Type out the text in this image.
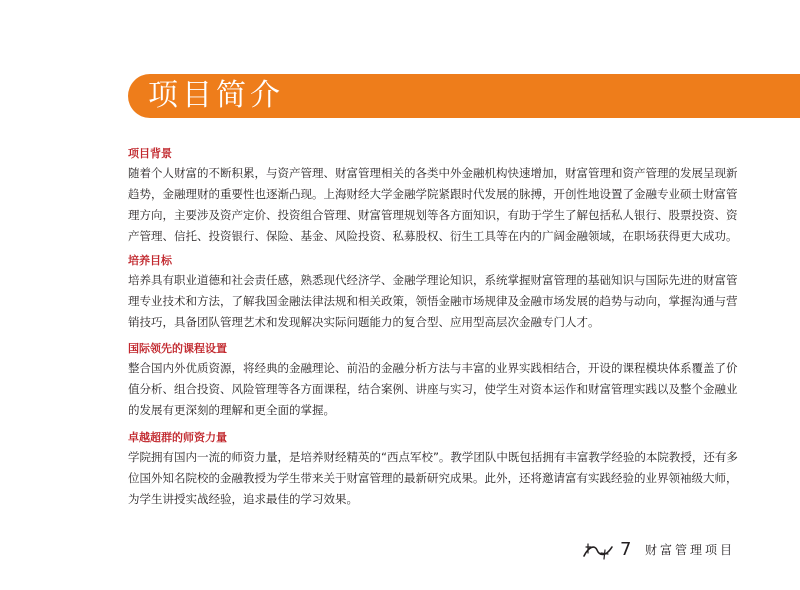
项目简介
项目背景

随着个人财富的不断积累，与资产管理、财富管理相关的各类中外金融机构快速增加，财富管理和资产管理的发展呈现新趋势，金融理财的重要性也逐渐凸现。上海财经大学金融学院紧跟时代发展的脉搏，开创性地设置了金融专业硕士财富管理方向，主要涉及资产定价、投资组合管理、财富管理规划等各方面知识，有助于学生了解包括私人银行、股票投资、资产管理、信托、投资银行、保险、基金、风险投资、私募股权、衍生工具等在内的广阔金融领域，在职场获得更大成功。

培养目标

培养具有职业道德和社会责任感，熟悉现代经济学、金融学理论知识，系统掌握财富管理的基础知识与国际先进的财富管理专业技术和方法，了解我国金融法律法规和相关政策，领悟金融市场规律及金融市场发展的趋势与动向，掌握沟通与营销技巧，具备团队管理艺术和发现解决实际问题能力的复合型、应用型高层次金融专门人才。

国际领先的课程设置

整合国内外优质资源，将经典的金融理论、前沿的金融分析方法与丰富的业界实践相结合，开设的课程模块体系覆盖了价值分析、组合投资、风险管理等各方面课程，结合案例、讲座与实习，使学生对资本运作和财富管理实践以及整个金融业的发展有更深刻的理解和更全面的掌握。

卓越超群的师资力量

学院拥有国内一流的师资力量，是培养财经精英的“西点军校”。教学团队中既包括拥有丰富教学经验的本院教授，还有多位国外知名院校的金融教授为学生带来关于财富管理的最新研究成果。此外，还将邀请富有实践经验的业界领袖级大师，为学生讲授实战经验，追求最佳的学习效果。

7 财富管理项目
